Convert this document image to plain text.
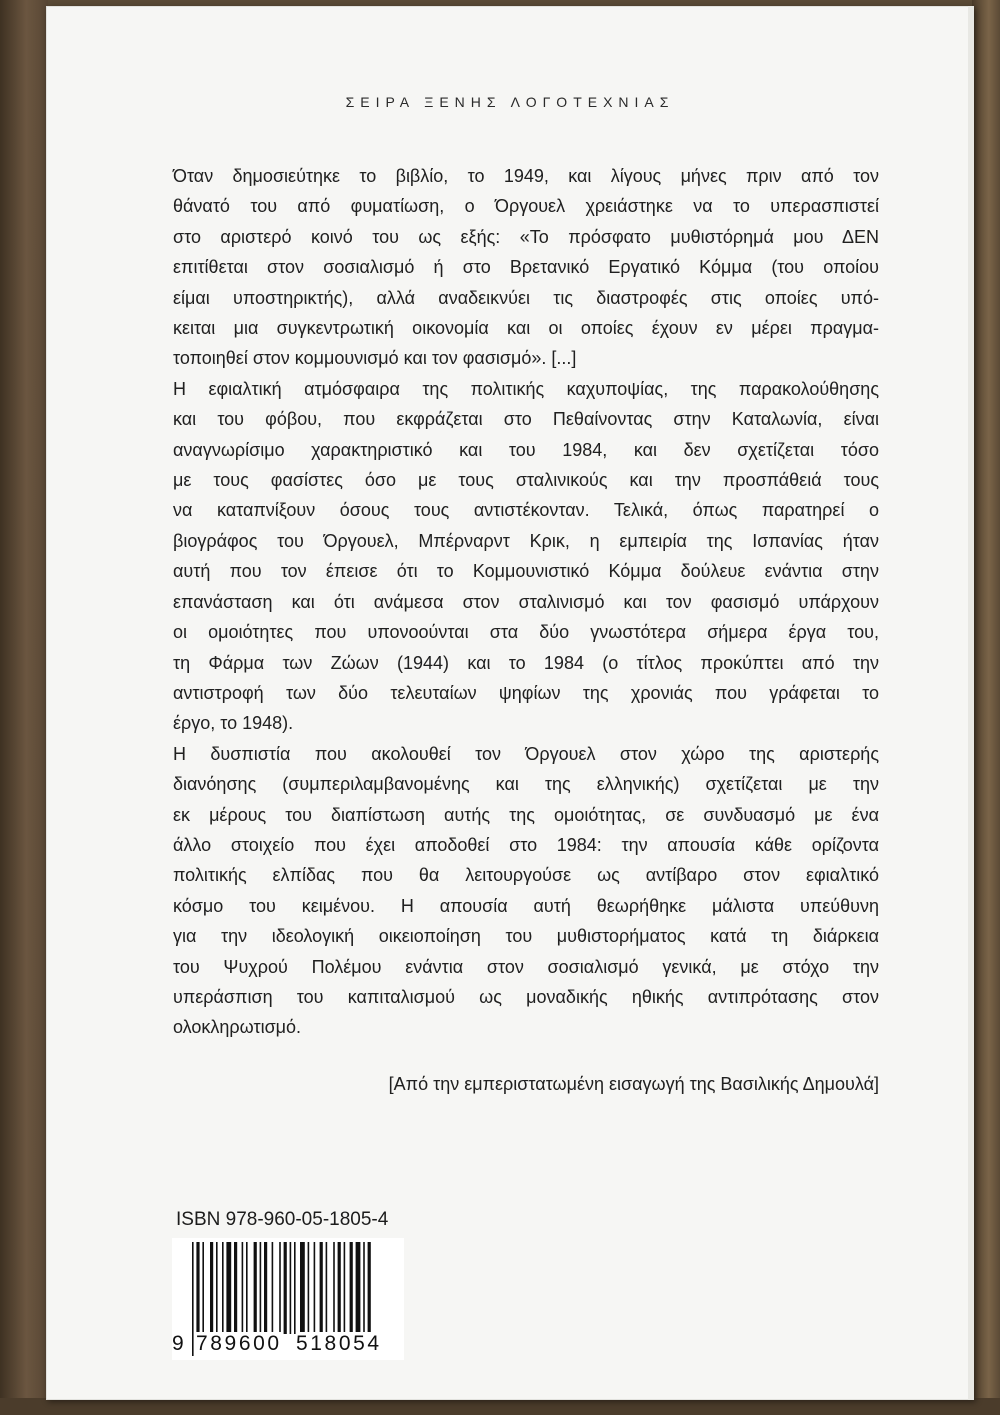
ΣΕΙΡΑ ΞΕΝΗΣ ΛΟΓΟΤΕΧΝΙΑΣ
Όταν δημοσιεύτηκε το βιβλίο, το 1949, και λίγους μήνες πριν από τον
θάνατό του από φυματίωση, ο Όργουελ χρειάστηκε να το υπερασπιστεί
στο αριστερό κοινό του ως εξής: «Το πρόσφατο μυθιστόρημά μου ΔΕΝ
επιτίθεται στον σοσιαλισμό ή στο Βρετανικό Εργατικό Κόμμα (του οποίου
είμαι υποστηρικτής), αλλά αναδεικνύει τις διαστροφές στις οποίες υπό-
κειται μια συγκεντρωτική οικονομία και οι οποίες έχουν εν μέρει πραγμα-
τοποιηθεί στον κομμουνισμό και τον φασισμό». [...]
Η εφιαλτική ατμόσφαιρα της πολιτικής καχυποψίας, της παρακολούθησης
και του φόβου, που εκφράζεται στο Πεθαίνοντας στην Καταλωνία, είναι
αναγνωρίσιμο χαρακτηριστικό και του 1984, και δεν σχετίζεται τόσο
με τους φασίστες όσο με τους σταλινικούς και την προσπάθειά τους
να καταπνίξουν όσους τους αντιστέκονταν. Τελικά, όπως παρατηρεί ο
βιογράφος του Όργουελ, Μπέρναρντ Κρικ, η εμπειρία της Ισπανίας ήταν
αυτή που τον έπεισε ότι το Κομμουνιστικό Κόμμα δούλευε ενάντια στην
επανάσταση και ότι ανάμεσα στον σταλινισμό και τον φασισμό υπάρχουν
οι ομοιότητες που υπονοούνται στα δύο γνωστότερα σήμερα έργα του,
τη Φάρμα των Ζώων (1944) και το 1984 (ο τίτλος προκύπτει από την
αντιστροφή των δύο τελευταίων ψηφίων της χρονιάς που γράφεται το
έργο, το 1948).
Η δυσπιστία που ακολουθεί τον Όργουελ στον χώρο της αριστερής
διανόησης (συμπεριλαμβανομένης και της ελληνικής) σχετίζεται με την
εκ μέρους του διαπίστωση αυτής της ομοιότητας, σε συνδυασμό με ένα
άλλο στοιχείο που έχει αποδοθεί στο 1984: την απουσία κάθε ορίζοντα
πολιτικής ελπίδας που θα λειτουργούσε ως αντίβαρο στον εφιαλτικό
κόσμο του κειμένου. Η απουσία αυτή θεωρήθηκε μάλιστα υπεύθυνη
για την ιδεολογική οικειοποίηση του μυθιστορήματος κατά τη διάρκεια
του Ψυχρού Πολέμου ενάντια στον σοσιαλισμό γενικά, με στόχο την
υπεράσπιση του καπιταλισμού ως μοναδικής ηθικής αντιπρότασης στον
ολοκληρωτισμό.
[Από την εμπεριστατωμένη εισαγωγή της Βασιλικής Δημουλά]
ISBN 978-960-05-1805-4
9 789600 518054
